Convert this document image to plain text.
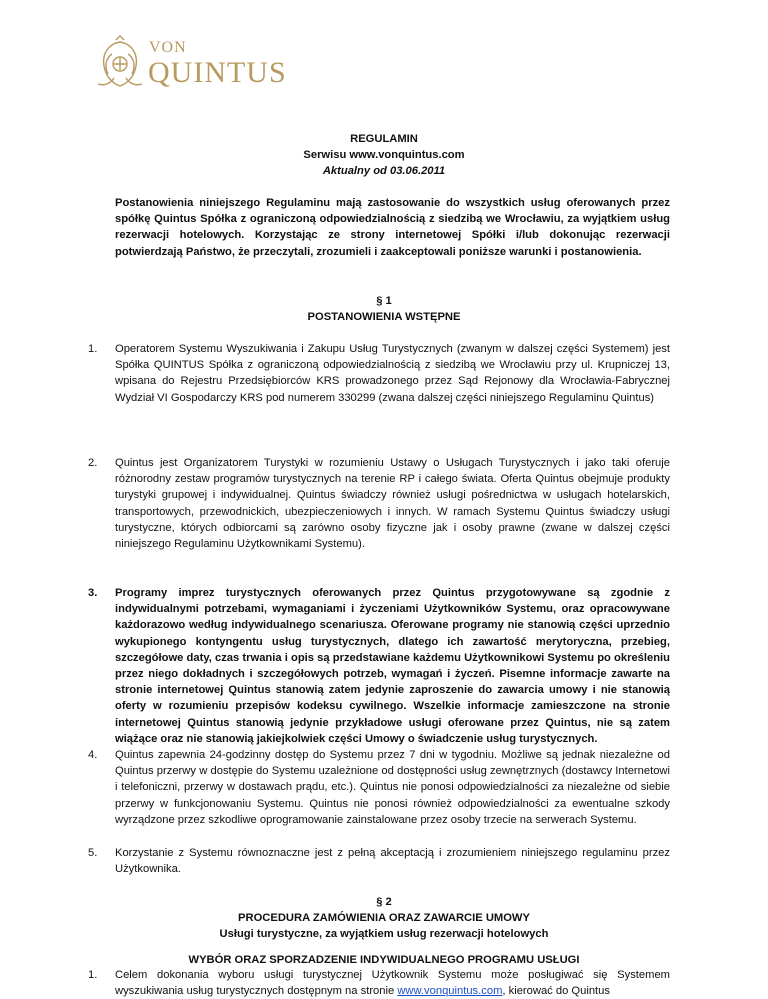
VON
QUINTUS
REGULAMIN
Serwisu www.vonquintus.com
Aktualny od 03.06.2011
Postanowienia niniejszego Regulaminu mają zastosowanie do wszystkich usług oferowanych przez spółkę Quintus Spółka z ograniczoną odpowiedzialnością z siedzibą we Wrocławiu, za wyjątkiem usług rezerwacji hotelowych. Korzystając ze strony internetowej Spółki i/lub dokonując rezerwacji potwierdzają Państwo, że przeczytali, zrozumieli i zaakceptowali poniższe warunki i postanowienia.
§ 1
POSTANOWIENIA WSTĘPNE
1.	Operatorem Systemu Wyszukiwania i Zakupu Usług Turystycznych (zwanym w dalszej części Systemem) jest Spółka QUINTUS Spółka z ograniczoną odpowiedzialnością z siedzibą we Wrocławiu przy ul. Krupniczej 13, wpisana do Rejestru Przedsiębiorców KRS prowadzonego przez Sąd Rejonowy dla Wrocławia-Fabrycznej Wydział VI Gospodarczy KRS pod numerem 330299 (zwana dalszej części niniejszego Regulaminu Quintus)
2.	Quintus jest Organizatorem Turystyki w rozumieniu Ustawy o Usługach Turystycznych i jako taki oferuje różnorodny zestaw programów turystycznych na terenie RP i całego świata. Oferta Quintus obejmuje produkty turystyki grupowej i indywidualnej. Quintus świadczy również usługi pośrednictwa w usługach hotelarskich, transportowych, przewodnickich, ubezpieczeniowych i innych. W ramach Systemu Quintus świadczy usługi turystyczne, których odbiorcami są zarówno osoby fizyczne jak i osoby prawne (zwane w dalszej części niniejszego Regulaminu Użytkownikami Systemu).
3.	Programy imprez turystycznych oferowanych przez Quintus przygotowywane są zgodnie z indywidualnymi potrzebami, wymaganiami i życzeniami Użytkowników Systemu, oraz opracowywane każdorazowo według indywidualnego scenariusza. Oferowane programy nie stanowią części uprzednio wykupionego kontyngentu usług turystycznych, dlatego ich zawartość merytoryczna, przebieg, szczegółowe daty, czas trwania i opis są przedstawiane każdemu Użytkownikowi Systemu po określeniu przez niego dokładnych i szczegółowych potrzeb, wymagań i życzeń. Pisemne informacje zawarte na stronie internetowej Quintus stanowią zatem jedynie zaproszenie do zawarcia umowy i nie stanowią oferty w rozumieniu przepisów kodeksu cywilnego. Wszelkie informacje zamieszczone na stronie internetowej Quintus stanowią jedynie przykładowe usługi oferowane przez Quintus, nie są zatem wiążące oraz nie stanowią jakiejkolwiek części Umowy o świadczenie usług turystycznych.
4.	Quintus zapewnia 24-godzinny dostęp do Systemu przez 7 dni w tygodniu. Możliwe są jednak niezależne od Quintus przerwy w dostępie do Systemu uzależnione od dostępności usług zewnętrznych (dostawcy Internetowi i telefoniczni, przerwy w dostawach prądu, etc.). Quintus nie ponosi odpowiedzialności za niezależne od siebie przerwy w funkcjonowaniu Systemu. Quintus nie ponosi również odpowiedzialności za ewentualne szkody wyrządzone przez szkodliwe oprogramowanie zainstalowane przez osoby trzecie na serwerach Systemu.
5.	Korzystanie z Systemu równoznaczne jest z pełną akceptacją i zrozumieniem niniejszego regulaminu przez Użytkownika.
§ 2
PROCEDURA ZAMÓWIENIA ORAZ ZAWARCIE UMOWY
Usługi turystyczne, za wyjątkiem usług rezerwacji hotelowych
WYBÓR ORAZ SPORZADZENIE INDYWIDUALNEGO PROGRAMU USŁUGI
1.	Celem dokonania wyboru usługi turystycznej Użytkownik Systemu może posługiwać się Systemem wyszukiwania usług turystycznych dostępnym na stronie www.vonquintus.com, kierować do Quintus
